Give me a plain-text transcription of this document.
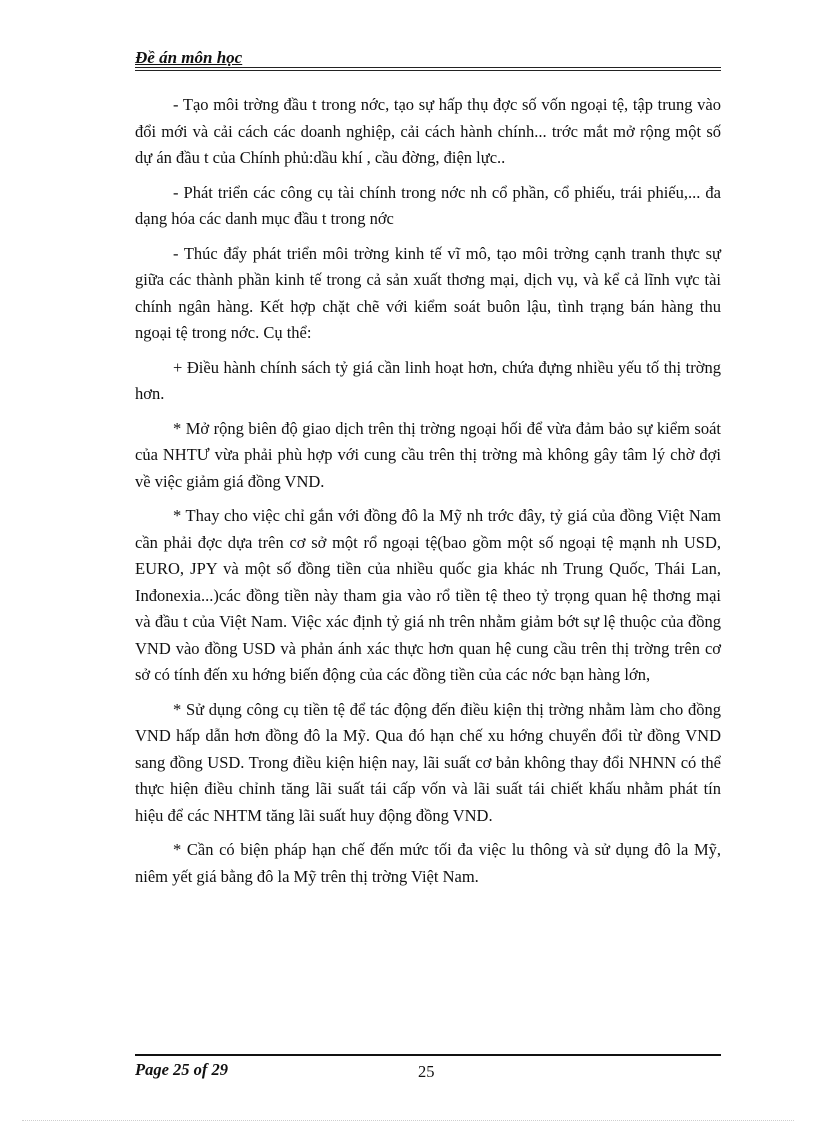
Đề án môn học

- Tạo môi trờng đầu t trong nớc, tạo sự hấp thụ đợc số vốn ngoại tệ, tập trung vào đổi mới và cải cách các doanh nghiệp, cải cách hành chính... trớc mắt mở rộng một số dự án đầu t của Chính phủ:dầu khí , cầu đờng, điện lực..

- Phát triển các công cụ tài chính trong nớc nh cổ phần, cổ phiếu, trái phiếu,... đa dạng hóa các danh mục đầu t trong nớc

- Thúc đẩy phát triển môi trờng kinh tế vĩ mô, tạo môi trờng cạnh tranh thực sự giữa các thành phần kinh tế trong cả sản xuất thơng mại, dịch vụ, và kể cả lĩnh vực tài chính ngân hàng. Kết hợp chặt chẽ với kiểm soát buôn lậu, tình trạng bán hàng thu ngoại tệ trong nớc. Cụ thể:

+ Điều hành chính sách tỷ giá cần linh hoạt hơn, chứa đựng nhiều yếu tố thị trờng hơn.

* Mở rộng biên độ giao dịch trên thị trờng ngoại hối để vừa đảm bảo sự kiểm soát của NHTƯ vừa phải phù hợp với cung cầu trên thị trờng mà không gây tâm lý chờ đợi về việc giảm giá đồng VND.

* Thay cho việc chỉ gắn với đồng đô la Mỹ nh trớc đây, tỷ giá của đồng Việt Nam cần phải đợc dựa trên cơ sở một rổ ngoại tệ(bao gồm một số ngoại tệ mạnh nh USD, EURO, JPY và một số đồng tiền của nhiều quốc gia khác nh Trung Quốc, Thái Lan, Inđonexia...)các đồng tiền này tham gia vào rổ tiền tệ theo tỷ trọng quan hệ thơng mại và đầu t của Việt Nam. Việc xác định tỷ giá nh trên nhằm giảm bớt sự lệ thuộc của đồng VND vào đồng USD và phản ánh xác thực hơn quan hệ cung cầu trên thị trờng trên cơ sở có tính đến xu hớng biến động của các đồng tiền của các nớc bạn hàng lớn,

* Sử dụng công cụ tiền tệ để tác động đến điều kiện thị trờng nhằm làm cho đồng VND hấp dẫn hơn đồng đô la Mỹ. Qua đó hạn chế xu hớng chuyển đổi từ đồng VND sang đồng USD. Trong điều kiện hiện nay, lãi suất cơ bản không thay đổi NHNN có thể thực hiện điều chỉnh tăng lãi suất tái cấp vốn và lãi suất tái chiết khấu nhằm phát tín hiệu để các NHTM tăng lãi suất huy động đồng VND.

* Cần có biện pháp hạn chế đến mức tối đa việc lu thông và sử dụng đô la Mỹ, niêm yết giá bằng đô la Mỹ trên thị trờng Việt Nam.

Page 25 of 29	25
